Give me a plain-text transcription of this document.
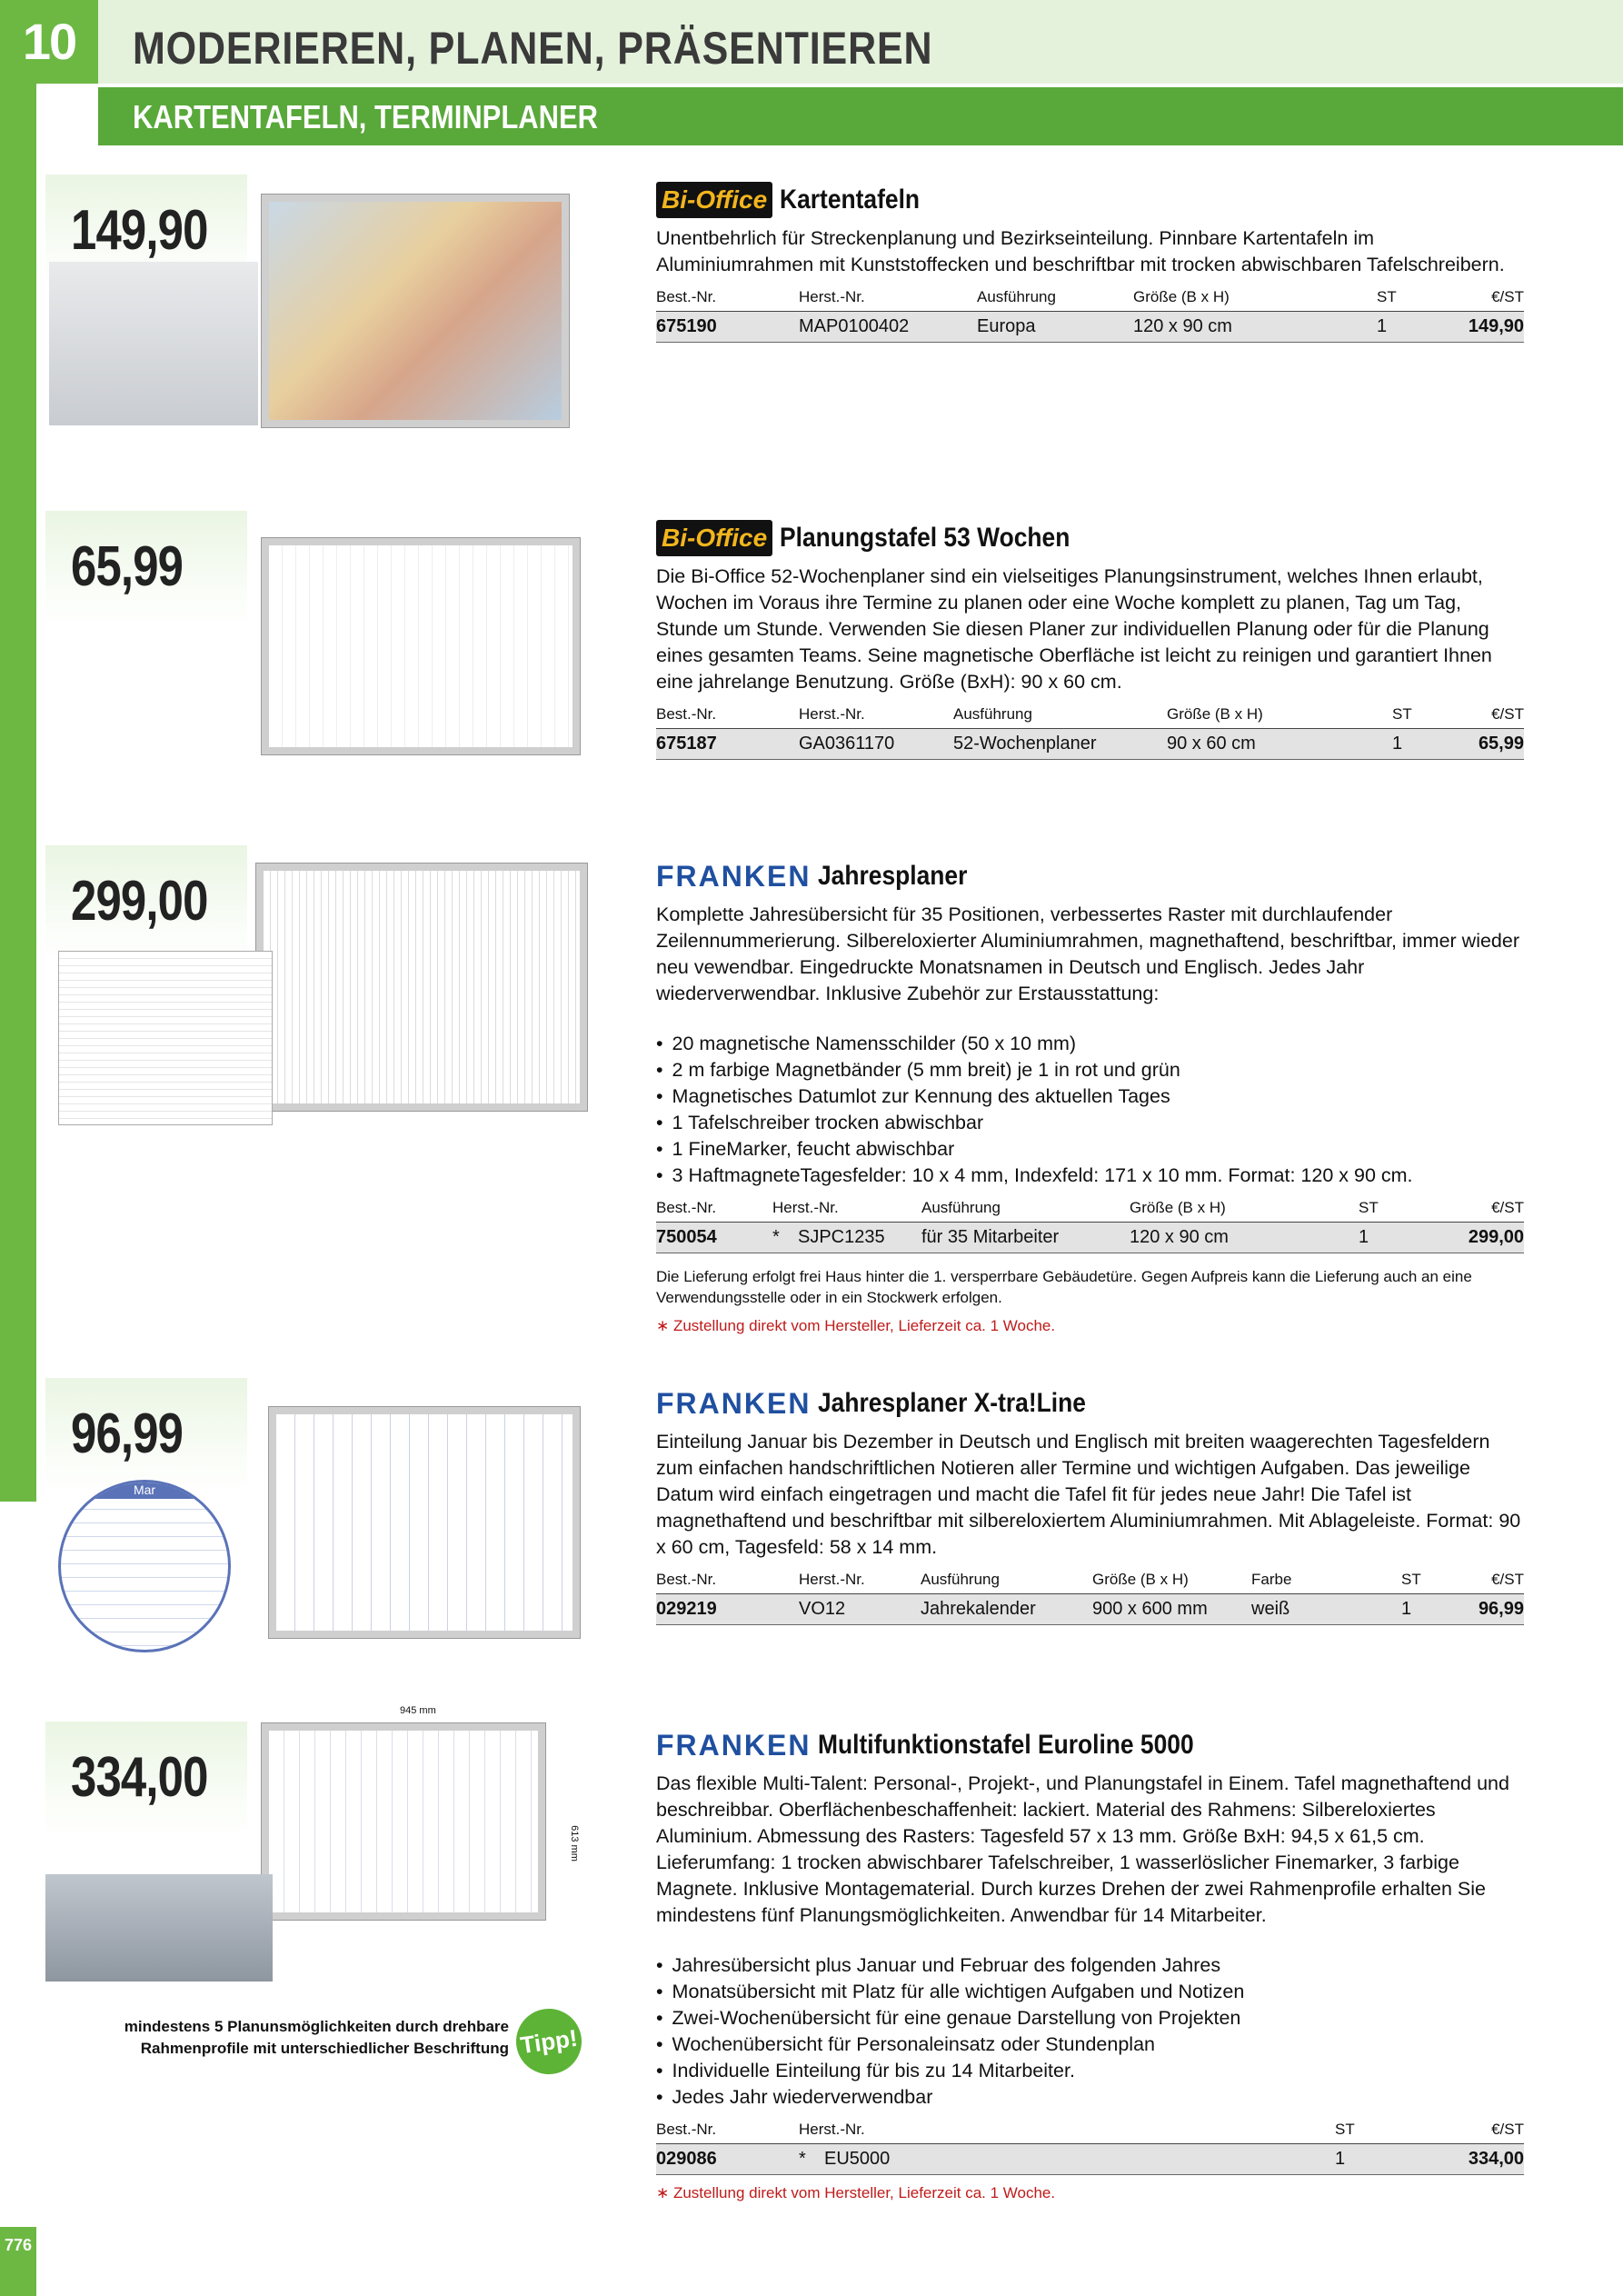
10	MODERIEREN, PLANEN, PRÄSENTIEREN
KARTENTAFELN, TERMINPLANER
149,90	Bi-Office Kartentafeln
Unentbehrlich für Streckenplanung und Bezirkseinteilung. Pinnbare Kartentafeln im Aluminiumrahmen mit Kunststoffecken und beschriftbar mit trocken abwischbaren Tafelschreibern.
Best.-Nr.	Herst.-Nr.	Ausführung	Größe (B x H)	ST	€/ST
675190	MAP0100402	Europa	120 x 90 cm	1	149,90
65,99	Bi-Office Planungstafel 53 Wochen
Die Bi-Office 52-Wochenplaner sind ein vielseitiges Planungsinstrument, welches Ihnen erlaubt, Wochen im Voraus ihre Termine zu planen oder eine Woche komplett zu planen, Tag um Tag, Stunde um Stunde. Verwenden Sie diesen Planer zur individuellen Planung oder für die Planung eines gesamten Teams. Seine magnetische Oberfläche ist leicht zu reinigen und garantiert Ihnen eine jahrelange Benutzung. Größe (BxH): 90 x 60 cm.
Best.-Nr.	Herst.-Nr.	Ausführung	Größe (B x H)	ST	€/ST
675187	GA0361170	52-Wochenplaner	90 x 60 cm	1	65,99
299,00	FRANKEN Jahresplaner
Komplette Jahresübersicht für 35 Positionen, verbessertes Raster mit durchlaufender Zeilennummerierung. Silbereloxierter Aluminiumrahmen, magnethaftend, beschriftbar, immer wieder neu vewendbar. Eingedruckte Monatsnamen in Deutsch und Englisch. Jedes Jahr wiederverwendbar. Inklusive Zubehör zur Erstausstattung:
• 20 magnetische Namensschilder (50 x 10 mm)
• 2 m farbige Magnetbänder (5 mm breit) je 1 in rot und grün
• Magnetisches Datumlot zur Kennung des aktuellen Tages
• 1 Tafelschreiber trocken abwischbar
• 1 FineMarker, feucht abwischbar
• 3 HaftmagneteTagesfelder: 10 x 4 mm, Indexfeld: 171 x 10 mm. Format: 120 x 90 cm.
Best.-Nr.	Herst.-Nr.	Ausführung	Größe (B x H)	ST	€/ST
750054	* SJPC1235	für 35 Mitarbeiter	120 x 90 cm	1	299,00
Die Lieferung erfolgt frei Haus hinter die 1. versperrbare Gebäudetüre. Gegen Aufpreis kann die Lieferung auch an eine Verwendungsstelle oder in ein Stockwerk erfolgen.
∗ Zustellung direkt vom Hersteller, Lieferzeit ca. 1 Woche.
96,99
Mar
FRANKEN Jahresplaner X-tra!Line
Einteilung Januar bis Dezember in Deutsch und Englisch mit breiten waagerechten Tagesfeldern zum einfachen handschriftlichen Notieren aller Termine und wichtigen Aufgaben. Das jeweilige Datum wird einfach eingetragen und macht die Tafel fit für jedes neue Jahr! Die Tafel ist magnethaftend und beschriftbar mit silbereloxiertem Aluminiumrahmen. Mit Ablageleiste. Format: 90 x 60 cm, Tagesfeld: 58 x 14 mm.
Best.-Nr.	Herst.-Nr.	Ausführung	Größe (B x H)	Farbe	ST	€/ST
029219	VO12	Jahrekalender	900 x 600 mm	weiß	1	96,99
334,00
945 mm
613 mm
FRANKEN Multifunktionstafel Euroline 5000
Das flexible Multi-Talent: Personal-, Projekt-, und Planungstafel in Einem. Tafel magnethaftend und beschreibbar. Oberflächenbeschaffenheit: lackiert. Material des Rahmens: Silbereloxiertes Aluminium. Abmessung des Rasters: Tagesfeld 57 x 13 mm. Größe BxH: 94,5 x 61,5 cm. Lieferumfang: 1 trocken abwischbarer Tafelschreiber, 1 wasserlöslicher Finemarker, 3 farbige Magnete. Inklusive Montagematerial. Durch kurzes Drehen der zwei Rahmenprofile erhalten Sie mindestens fünf Planungsmöglichkeiten. Anwendbar für 14 Mitarbeiter.
• Jahresübersicht plus Januar und Februar des folgenden Jahres
• Monatsübersicht mit Platz für alle wichtigen Aufgaben und Notizen
• Zwei-Wochenübersicht für eine genaue Darstellung von Projekten
• Wochenübersicht für Personaleinsatz oder Stundenplan
• Individuelle Einteilung für bis zu 14 Mitarbeiter.
• Jedes Jahr wiederverwendbar
Best.-Nr.	Herst.-Nr.	ST	€/ST
029086	* EU5000	1	334,00
∗ Zustellung direkt vom Hersteller, Lieferzeit ca. 1 Woche.
mindestens 5 Planunsmöglichkeiten durch drehbare
Rahmenprofile mit unterschiedlicher Beschriftung Tipp!
776
